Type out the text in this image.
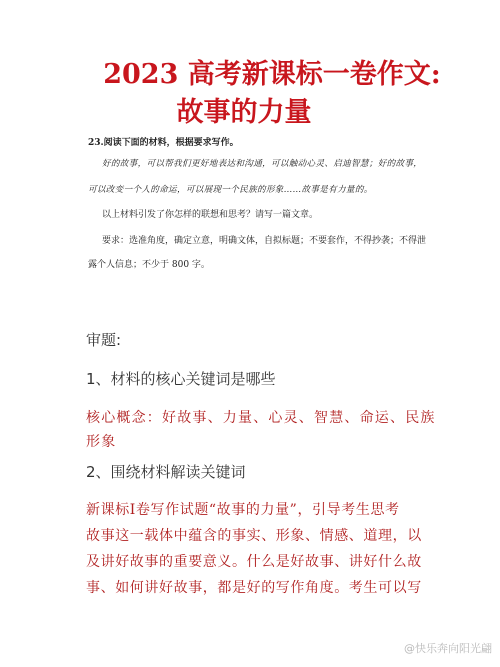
2023 高考新课标一卷作文:
故事的力量
23.阅读下面的材料，根据要求写作。
好的故事，可以帮我们更好地表达和沟通，可以触动心灵、启迪智慧；好的故事，
可以改变一个人的命运，可以展现一个民族的形象……故事是有力量的。
以上材料引发了你怎样的联想和思考？请写一篇文章。
要求：选准角度，确定立意，明确文体，自拟标题；不要套作，不得抄袭；不得泄
露个人信息；不少于 800 字。
审题:
1、材料的核心关键词是哪些
核心概念：好故事、力量、心灵、智慧、命运、民族
形象
2、围绕材料解读关键词
新课标Ⅰ卷写作试题“故事的力量”，引导考生思考
故事这一载体中蕴含的事实、形象、情感、道理，以
及讲好故事的重要意义。什么是好故事、讲好什么故
事、如何讲好故事，都是好的写作角度。考生可以写
@快乐奔向阳光翩
